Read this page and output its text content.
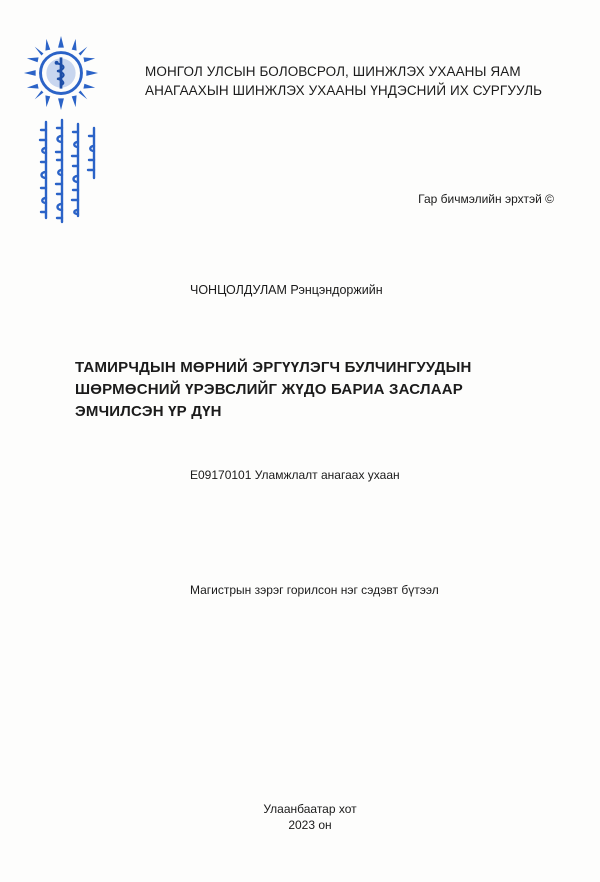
МОНГОЛ УЛСЫН БОЛОВСРОЛ, ШИНЖЛЭХ УХААНЫ ЯАМ
АНАГААХЫН ШИНЖЛЭХ УХААНЫ ҮНДЭСНИЙ ИХ СУРГУУЛЬ
Гар бичмэлийн эрхтэй ©
ЧОНЦОЛДУЛАМ Рэнцэндоржийн
ТАМИРЧДЫН МӨРНИЙ ЭРГҮҮЛЭГЧ БУЛЧИНГУУДЫН
ШӨРМӨСНИЙ ҮРЭВСЛИЙГ ЖҮДО БАРИА ЗАСЛААР
ЭМЧИЛСЭН ҮР ДҮН
E09170101 Уламжлалт анагаах ухаан
Магистрын зэрэг горилсон нэг сэдэвт бүтээл
Улаанбаатар хот
2023 он
